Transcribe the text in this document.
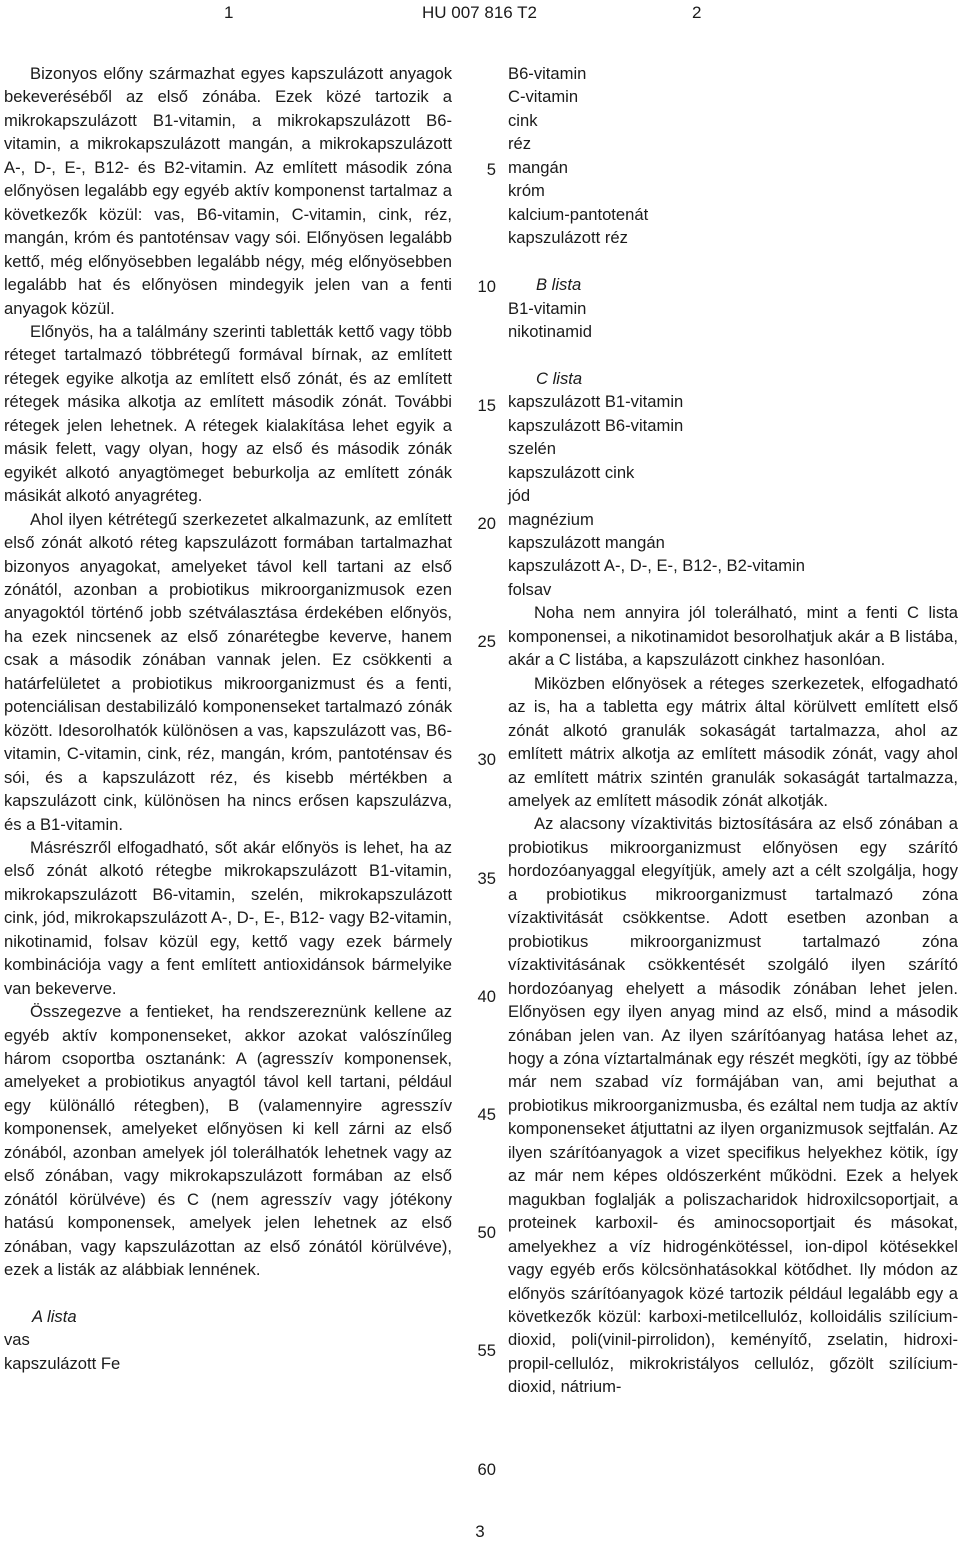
1	HU 007 816 T2	2

Bizonyos előny származhat egyes kapszulázott anyagok bekeveréséből az első zónába. Ezek közé tartozik a mikrokapszulázott B1-vitamin, a mikrokapszulázott B6-vitamin, a mikrokapszulázott mangán, a mikrokapszulázott A-, D-, E-, B12- és B2-vitamin. Az említett második zóna előnyösen legalább egy egyéb aktív komponenst tartalmaz a következők közül: vas, B6-vitamin, C-vitamin, cink, réz, mangán, króm és pantoténsav vagy sói. Előnyösen legalább kettő, még előnyösebben legalább négy, még előnyösebben legalább hat és előnyösen mindegyik jelen van a fenti anyagok közül.

Előnyös, ha a találmány szerinti tabletták kettő vagy több réteget tartalmazó többrétegű formával bírnak, az említett rétegek egyike alkotja az említett első zónát, és az említett rétegek másika alkotja az említett második zónát. További rétegek jelen lehetnek. A rétegek kialakítása lehet egyik a másik felett, vagy olyan, hogy az első és második zónák egyikét alkotó anyagtömeget beburkolja az említett zónák másikát alkotó anyagréteg.

Ahol ilyen kétrétegű szerkezetet alkalmazunk, az említett első zónát alkotó réteg kapszulázott formában tartalmazhat bizonyos anyagokat, amelyeket távol kell tartani az első zónától, azonban a probiotikus mikroorganizmusok ezen anyagoktól történő jobb szétválasztása érdekében előnyös, ha ezek nincsenek az első zónarétegbe keverve, hanem csak a második zónában vannak jelen. Ez csökkenti a határfelületet a probiotikus mikroorganizmust és a fenti, potenciálisan destabilizáló komponenseket tartalmazó zónák között. Idesorolhatók különösen a vas, kapszulázott vas, B6-vitamin, C-vitamin, cink, réz, mangán, króm, pantoténsav és sói, és a kapszulázott réz, és kisebb mértékben a kapszulázott cink, különösen ha nincs erősen kapszulázva, és a B1-vitamin.

Másrészről elfogadható, sőt akár előnyös is lehet, ha az első zónát alkotó rétegbe mikrokapszulázott B1-vitamin, mikrokapszulázott B6-vitamin, szelén, mikrokapszulázott cink, jód, mikrokapszulázott A-, D-, E-, B12- vagy B2-vitamin, nikotinamid, folsav közül egy, kettő vagy ezek bármely kombinációja vagy a fent említett antioxidánsok bármelyike van bekeverve.

Összegezve a fentieket, ha rendszereznünk kellene az egyéb aktív komponenseket, akkor azokat valószínűleg három csoportba osztanánk: A (agresszív komponensek, amelyeket a probiotikus anyagtól távol kell tartani, például egy különálló rétegben), B (valamennyire agresszív komponensek, amelyeket előnyösen ki kell zárni az első zónából, azonban amelyek jól tolerálhatók lehetnek vagy az első zónában, vagy mikrokapszulázott formában az első zónától körülvéve) és C (nem agresszív vagy jótékony hatású komponensek, amelyek jelen lehetnek az első zónában, vagy kapszulázottan az első zónától körülvéve), ezek a listák az alábbiak lennének.

A lista
vas
kapszulázott Fe
B6-vitamin
C-vitamin
cink
réz
mangán
króm
kalcium-pantotenát
kapszulázott réz
B lista
B1-vitamin
nikotinamid
C lista
kapszulázott B1-vitamin
kapszulázott B6-vitamin
szelén
kapszulázott cink
jód
magnézium
kapszulázott mangán
kapszulázott A-, D-, E-, B12-, B2-vitamin
folsav

Noha nem annyira jól tolerálható, mint a fenti C lista komponensei, a nikotinamidot besorolhatjuk akár a B listába, akár a C listába, a kapszulázott cinkhez hasonlóan.

Miközben előnyösek a réteges szerkezetek, elfogadható az is, ha a tabletta egy mátrix által körülvett említett első zónát alkotó granulák sokaságát tartalmazza, ahol az említett mátrix alkotja az említett második zónát, vagy ahol az említett mátrix szintén granulák sokaságát tartalmazza, amelyek az említett második zónát alkotják.

Az alacsony vízaktivitás biztosítására az első zónában a probiotikus mikroorganizmust előnyösen egy szárító hordozóanyaggal elegyítjük, amely azt a célt szolgálja, hogy a probiotikus mikroorganizmust tartalmazó zóna vízaktivitását csökkentse. Adott esetben azonban a probiotikus mikroorganizmust tartalmazó zóna vízaktivitásának csökkentését szolgáló ilyen szárító hordozóanyag ehelyett a második zónában lehet jelen. Előnyösen egy ilyen anyag mind az első, mind a második zónában jelen van. Az ilyen szárítóanyag hatása lehet az, hogy a zóna víztartalmának egy részét megköti, így az többé már nem szabad víz formájában van, ami bejuthat a probiotikus mikroorganizmusba, és ezáltal nem tudja az aktív komponenseket átjuttatni az ilyen organizmusok sejtfalán. Az ilyen szárítóanyagok a vizet specifikus helyekhez kötik, így az már nem képes oldószerként működni. Ezek a helyek magukban foglalják a poliszacharidok hidroxilcsoportjait, a proteinek karboxil- és aminocsoportjait és másokat, amelyekhez a víz hidrogénkötéssel, ion-dipol kötésekkel vagy egyéb erős kölcsönhatásokkal kötődhet. Ily módon az előnyös szárítóanyagok közé tartozik például legalább egy a következők közül: karboxi-metilcellulóz, kolloidális szilícium-dioxid, poli(vinil-pirrolidon), keményítő, zselatin, hidroxi-propil-cellulóz, mikrokristályos cellulóz, gőzölt szilícium-dioxid, nátrium-

5
10
15
20
25
30
35
40
45
50
55
60
3
